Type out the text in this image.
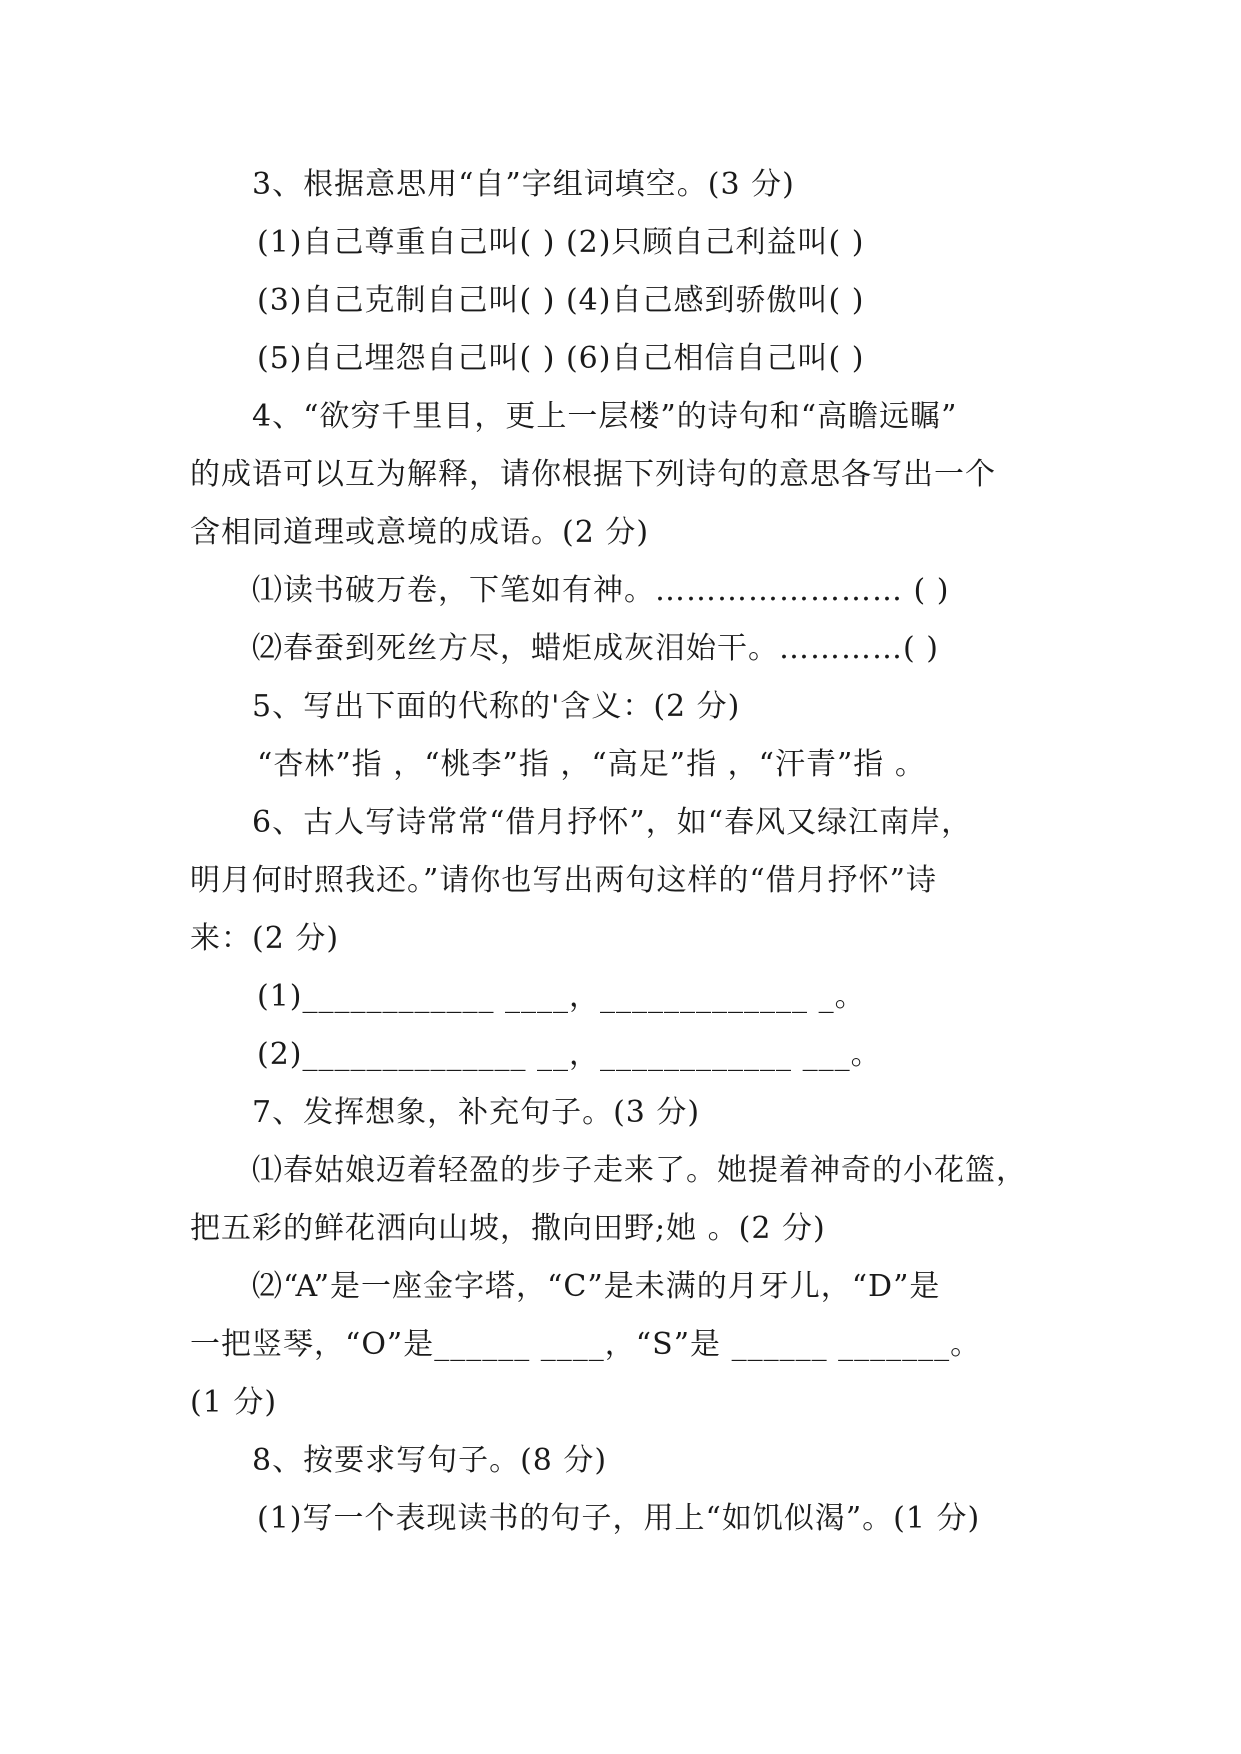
3、根据意思用“自”字组词填空。(3 分)
(1)自己尊重自己叫( ) (2)只顾自己利益叫( )
(3)自己克制自己叫( ) (4)自己感到骄傲叫( )
(5)自己埋怨自己叫( ) (6)自己相信自己叫( )
4、“欲穷千里目，更上一层楼”的诗句和“高瞻远瞩”
的成语可以互为解释，请你根据下列诗句的意思各写出一个
含相同道理或意境的成语。(2 分)
⑴读书破万卷，下笔如有神。…………………… ( )
⑵春蚕到死丝方尽，蜡炬成灰泪始干。…………( )
5、写出下面的代称的'含义：(2 分)
“杏林”指 ，“桃李”指 ，“高足”指 ，“汗青”指 。
6、古人写诗常常“借月抒怀”，如“春风又绿江南岸，
明月何时照我还。”请你也写出两句这样的“借月抒怀”诗
来：(2 分)
(1)____________ ____，_____________ _。
(2)______________ __，____________ ___。
7、发挥想象，补充句子。(3 分)
⑴春姑娘迈着轻盈的步子走来了。她提着神奇的小花篮，
把五彩的鲜花洒向山坡，撒向田野;她 。(2 分)
⑵“A”是一座金字塔，“C”是未满的月牙儿，“D”是
一把竖琴，“O”是______ ____，“S”是 ______ _______。
(1 分)
8、按要求写句子。(8 分)
(1)写一个表现读书的句子，用上“如饥似渴”。(1 分)
